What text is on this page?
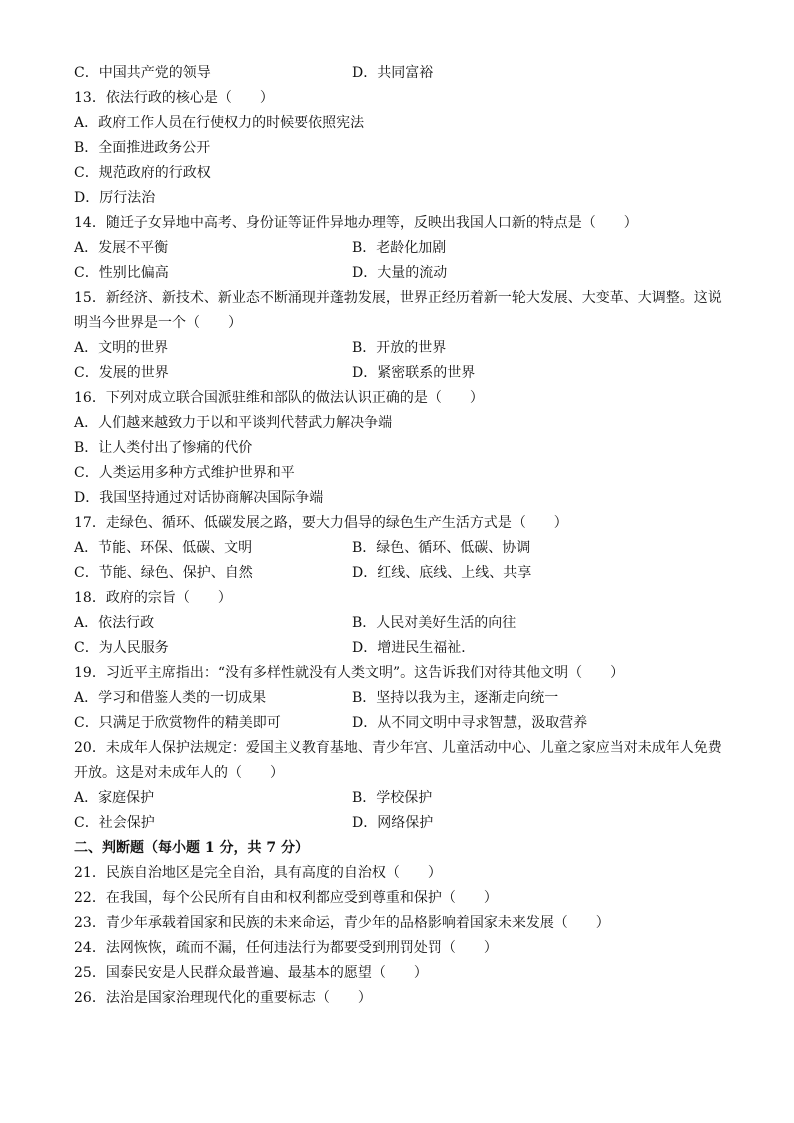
C．中国共产党的领导	D．共同富裕
13．依法行政的核心是（　　）
A．政府工作人员在行使权力的时候要依照宪法
B．全面推进政务公开
C．规范政府的行政权
D．厉行法治
14．随迁子女异地中高考、身份证等证件异地办理等，反映出我国人口新的特点是（　　）
A．发展不平衡	B．老龄化加剧
C．性别比偏高	D．大量的流动
15．新经济、新技术、新业态不断涌现并蓬勃发展，世界正经历着新一轮大发展、大变革、大调整。这说
明当今世界是一个（　　）
A．文明的世界	B．开放的世界
C．发展的世界	D．紧密联系的世界
16．下列对成立联合国派驻维和部队的做法认识正确的是（　　）
A．人们越来越致力于以和平谈判代替武力解决争端
B．让人类付出了惨痛的代价
C．人类运用多种方式维护世界和平
D．我国坚持通过对话协商解决国际争端
17．走绿色、循环、低碳发展之路，要大力倡导的绿色生产生活方式是（　　）
A．节能、环保、低碳、文明	B．绿色、循环、低碳、协调
C．节能、绿色、保护、自然	D．红线、底线、上线、共享
18．政府的宗旨（　　）
A．依法行政	B．人民对美好生活的向往
C．为人民服务	D．增进民生福祉．
19．习近平主席指出：“没有多样性就没有人类文明”。这告诉我们对待其他文明（　　）
A．学习和借鉴人类的一切成果	B．坚持以我为主，逐渐走向统一
C．只满足于欣赏物件的精美即可	D．从不同文明中寻求智慧，汲取营养
20．未成年人保护法规定：爱国主义教育基地、青少年宫、儿童活动中心、儿童之家应当对未成年人免费
开放。这是对未成年人的（　　）
A．家庭保护	B．学校保护
C．社会保护	D．网络保护
二、判断题（每小题 1 分，共 7 分）
21．民族自治地区是完全自治，具有高度的自治权（　　）
22．在我国，每个公民所有自由和权利都应受到尊重和保护（　　）
23．青少年承载着国家和民族的未来命运，青少年的品格影响着国家未来发展（　　）
24．法网恢恢，疏而不漏，任何违法行为都要受到刑罚处罚（　　）
25．国泰民安是人民群众最普遍、最基本的愿望（　　）
26．法治是国家治理现代化的重要标志（　　）
